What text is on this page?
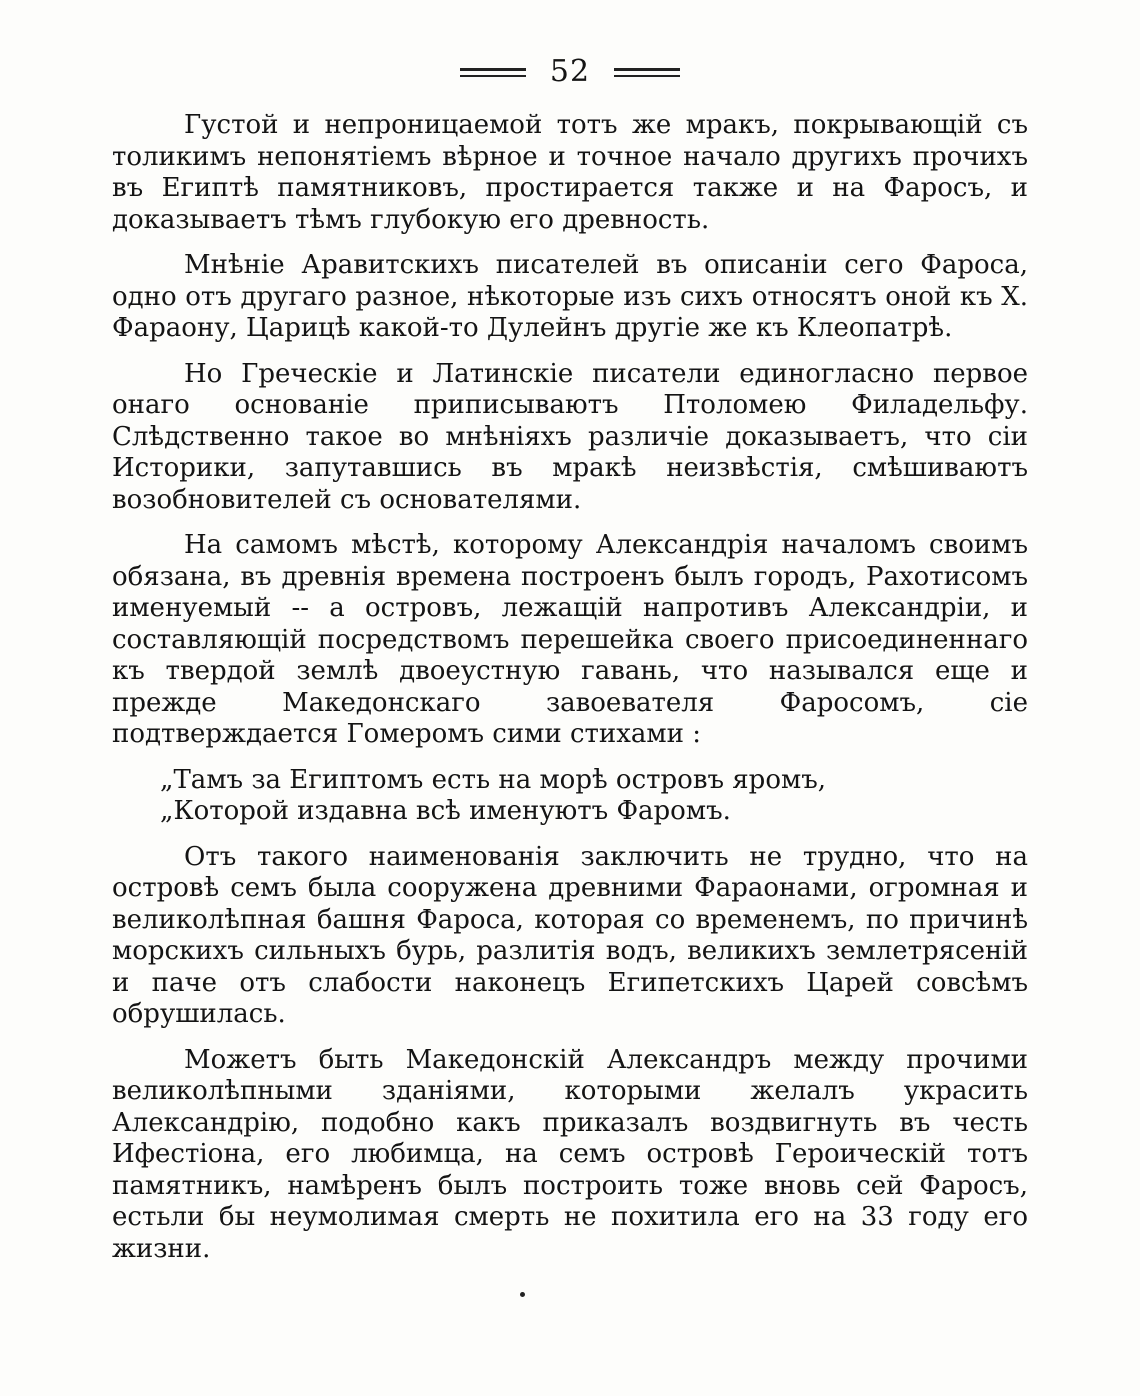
52

Густой и непроницаемой тотъ же мракъ, покрывающій съ толикимъ непонятіемъ вѣрное и точное начало другихъ прочихъ въ Египтѣ памятниковъ, простирается также и на Фаросъ, и доказываетъ тѣмъ глубокую его древность.

Мнѣніе Аравитскихъ писателей въ описаніи сего Фароса, одно отъ другаго разное, нѣкоторые изъ сихъ относятъ оной къ Х. Фараону, Царицѣ какой-то Дулейнъ другіе же къ Клеопатрѣ.

Но Греческіе и Латинскіе писатели единогласно первое онаго основаніе приписываютъ Птоломею Филадельфу. Слѣдственно такое во мнѣніяхъ различіе доказываетъ, что сіи Историки, запутавшись въ мракѣ неизвѣстія, смѣшиваютъ возобновителей съ основателями.

На самомъ мѣстѣ, которому Александрія началомъ своимъ обязана, въ древнія времена построенъ былъ городъ, Рахотисомъ именуемый -- а островъ, лежащій напротивъ Александріи, и составляющій посредствомъ перешейка своего присоединеннаго къ твердой землѣ двоеустную гавань, что назывался еще и прежде Македонскаго завоевателя Фаросомъ, сіе подтверждается Гомеромъ сими стихами :

„Тамъ за Египтомъ есть на морѣ островъ яромъ,

„Которой издавна всѣ именуютъ Фаромъ.

Отъ такого наименованія заключить не трудно, что на островѣ семъ была сооружена древними Фараонами, огромная и великолѣпная башня Фароса, которая со временемъ, по причинѣ морскихъ сильныхъ бурь, разлитія водъ, великихъ землетрясеній и паче отъ слабости наконецъ Египетскихъ Царей совсѣмъ обрушилась.

Можетъ быть Македонскій Александръ между прочими великолѣпными зданіями, которыми желалъ украсить Александрію, подобно какъ приказалъ воздвигнуть въ честь Ифестіона, его любимца, на семъ островѣ Героическій тотъ памятникъ, намѣренъ былъ построить тоже вновь сей Фаросъ, естьли бы неумолимая смерть не похитила его на 33 году его жизни.
